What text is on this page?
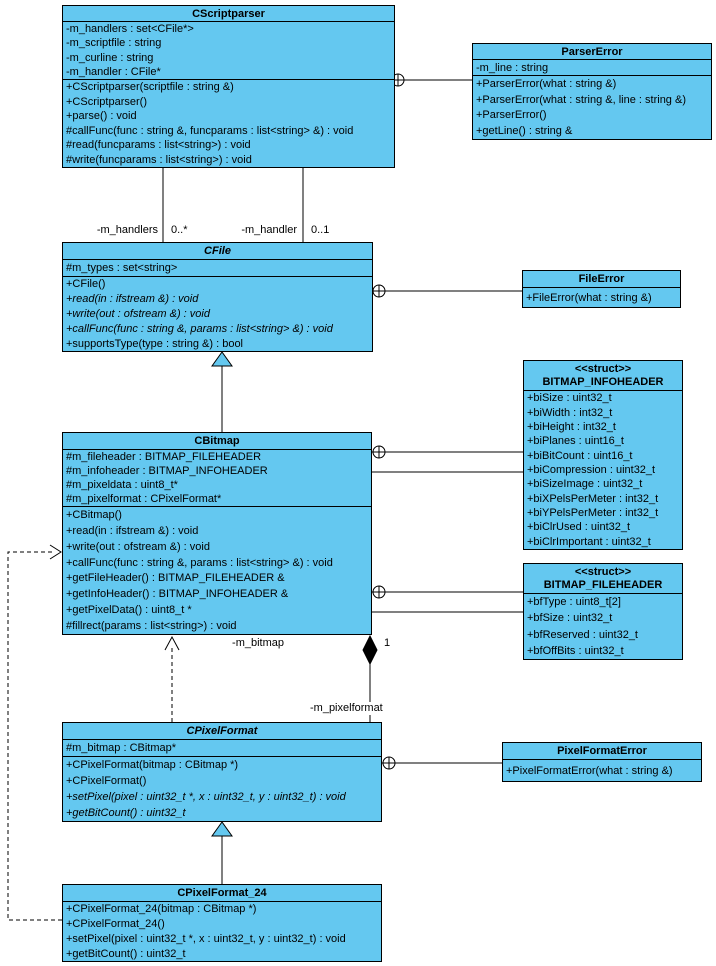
-m_handlers 0..*	-m_handler 0..1
-m_bitmap	1
-m_pixelformat
CScriptparser
-m_handlers : set<CFile*>
-m_scriptfile : string
-m_curline : string
-m_handler : CFile*
+CScriptparser(scriptfile : string &)
+CScriptparser()
+parse() : void
#callFunc(func : string &, funcparams : list<string> &) : void
#read(funcparams : list<string>) : void
#write(funcparams : list<string>) : void
ParserError
-m_line : string
+ParserError(what : string &)
+ParserError(what : string &, line : string &)
+ParserError()
+getLine() : string &
CFile
#m_types : set<string>
+CFile()
+read(in : ifstream &) : void
+write(out : ofstream &) : void
+callFunc(func : string &, params : list<string> &) : void
+supportsType(type : string &) : bool
FileError
+FileError(what : string &)
CBitmap
#m_fileheader : BITMAP_FILEHEADER
#m_infoheader : BITMAP_INFOHEADER
#m_pixeldata : uint8_t*
#m_pixelformat : CPixelFormat*
+CBitmap()
+read(in : ifstream &) : void
+write(out : ofstream &) : void
+callFunc(func : string &, params : list<string> &) : void
+getFileHeader() : BITMAP_FILEHEADER &
+getInfoHeader() : BITMAP_INFOHEADER &
+getPixelData() : uint8_t *
#fillrect(params : list<string>) : void
<<struct>>
BITMAP_INFOHEADER
+biSize : uint32_t
+biWidth : int32_t
+biHeight : int32_t
+biPlanes : uint16_t
+biBitCount : uint16_t
+biCompression : uint32_t
+biSizeImage : uint32_t
+biXPelsPerMeter : int32_t
+biYPelsPerMeter : int32_t
+biClrUsed : uint32_t
+biClrImportant : uint32_t
<<struct>>
BITMAP_FILEHEADER
+bfType : uint8_t[2]
+bfSize : uint32_t
+bfReserved : uint32_t
+bfOffBits : uint32_t
CPixelFormat
#m_bitmap : CBitmap*
+CPixelFormat(bitmap : CBitmap *)
+CPixelFormat()
+setPixel(pixel : uint32_t *, x : uint32_t, y : uint32_t) : void
+getBitCount() : uint32_t
PixelFormatError
+PixelFormatError(what : string &)
CPixelFormat_24
+CPixelFormat_24(bitmap : CBitmap *)
+CPixelFormat_24()
+setPixel(pixel : uint32_t *, x : uint32_t, y : uint32_t) : void
+getBitCount() : uint32_t
